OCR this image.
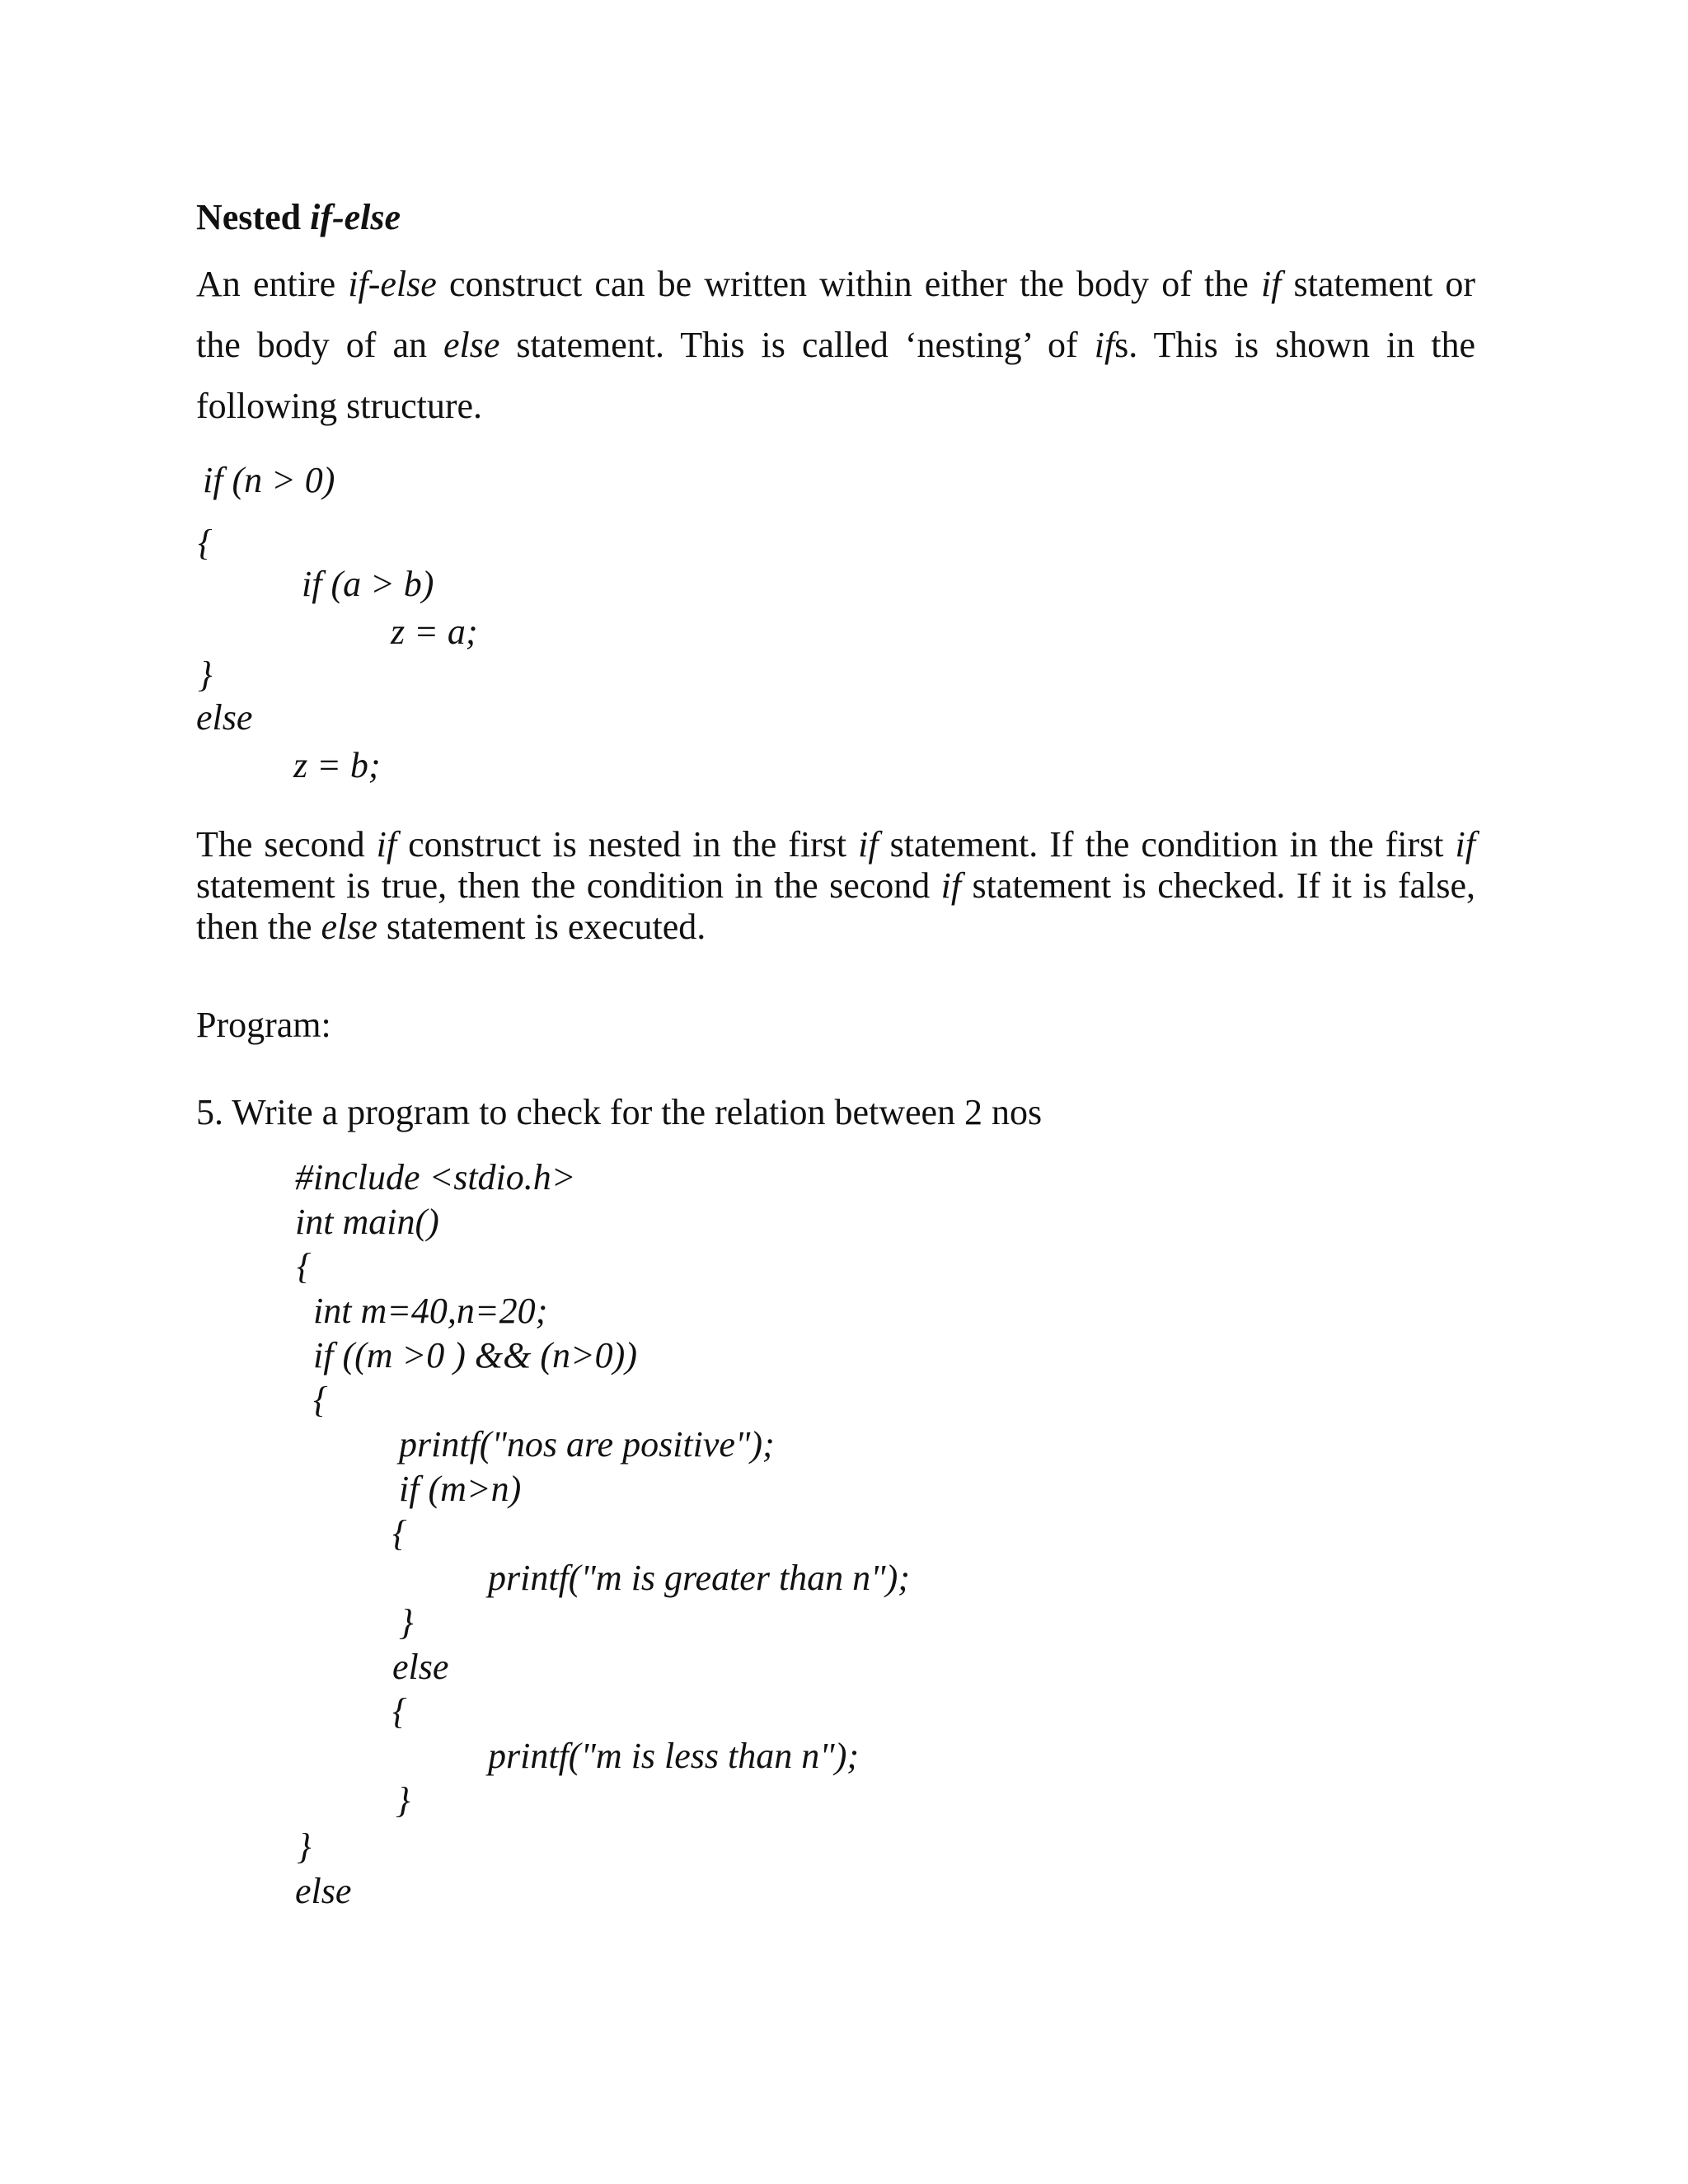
Nested if-else
An entire if-else construct can be written within either the body of the if statement or the body of an else statement. This is called ‘nesting’ of ifs. This is shown in the following structure.
if (n > 0)
{
if (a > b)
z = a;
}
else
z = b;
The second if construct is nested in the first if statement. If the condition in the first if statement is true, then the condition in the second if statement is checked. If it is false, then the else statement is executed.
Program:
5. Write a program to check for the relation between 2 nos
#include <stdio.h>
int main()
{
int m=40,n=20;
if ((m >0 ) && (n>0))
{
printf("nos are positive");
if (m>n)
{
printf("m is greater than n");
}
else
{
printf("m is less than n");
}
}
else
